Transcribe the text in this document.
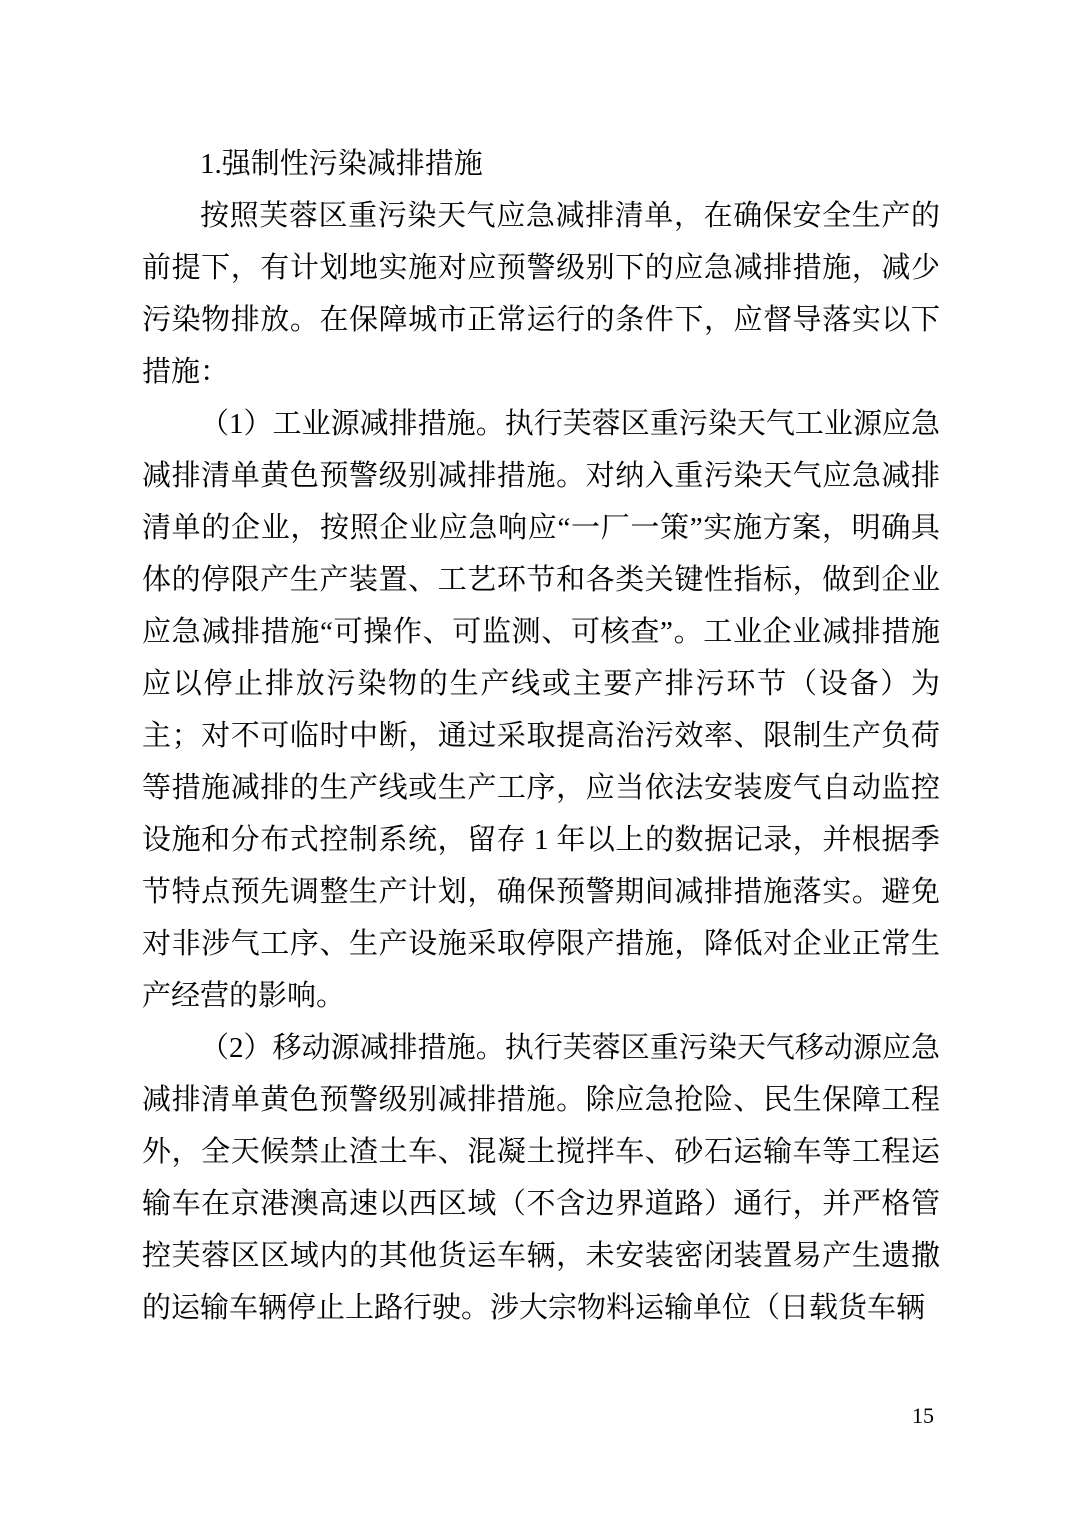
1.强制性污染减排措施

按照芙蓉区重污染天气应急减排清单，在确保安全生产的前提下，有计划地实施对应预警级别下的应急减排措施，减少污染物排放。在保障城市正常运行的条件下，应督导落实以下措施：

（1）工业源减排措施。执行芙蓉区重污染天气工业源应急减排清单黄色预警级别减排措施。对纳入重污染天气应急减排清单的企业，按照企业应急响应“一厂一策”实施方案，明确具体的停限产生产装置、工艺环节和各类关键性指标，做到企业应急减排措施“可操作、可监测、可核查”。工业企业减排措施应以停止排放污染物的生产线或主要产排污环节（设备）为主；对不可临时中断，通过采取提高治污效率、限制生产负荷等措施减排的生产线或生产工序，应当依法安装废气自动监控设施和分布式控制系统，留存 1 年以上的数据记录，并根据季节特点预先调整生产计划，确保预警期间减排措施落实。避免对非涉气工序、生产设施采取停限产措施，降低对企业正常生产经营的影响。

（2）移动源减排措施。执行芙蓉区重污染天气移动源应急减排清单黄色预警级别减排措施。除应急抢险、民生保障工程外，全天候禁止渣土车、混凝土搅拌车、砂石运输车等工程运输车在京港澳高速以西区域（不含边界道路）通行，并严格管控芙蓉区区域内的其他货运车辆，未安装密闭装置易产生遗撒的运输车辆停止上路行驶。涉大宗物料运输单位（日载货车辆

15
